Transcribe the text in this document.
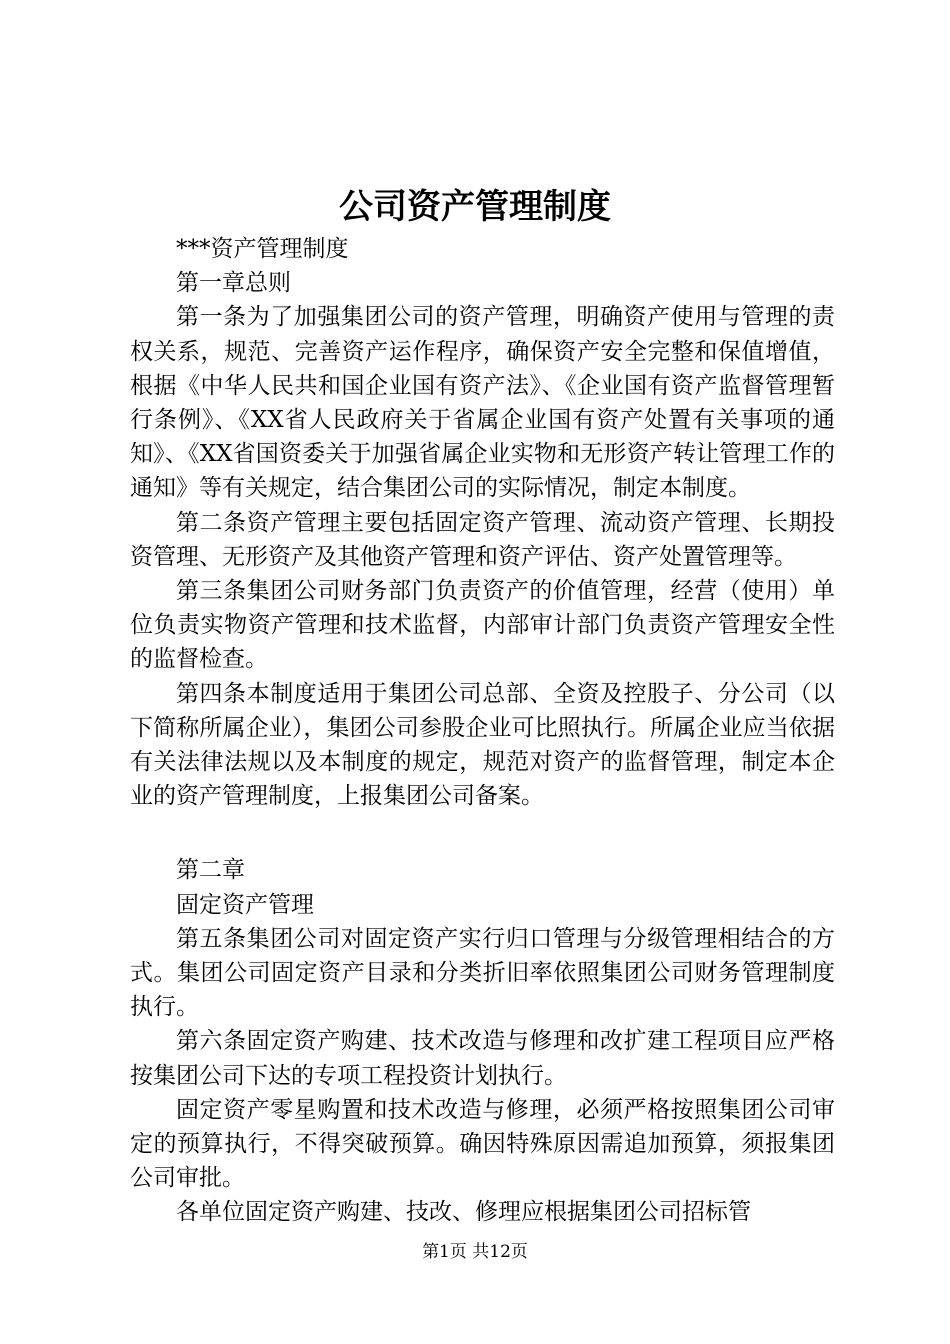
公司资产管理制度

***资产管理制度

第一章总则

第一条为了加强集团公司的资产管理，明确资产使用与管理的责权关系，规范、完善资产运作程序，确保资产安全完整和保值增值，根据《中华人民共和国企业国有资产法》、《企业国有资产监督管理暂行条例》、《XX省人民政府关于省属企业国有资产处置有关事项的通知》、《XX省国资委关于加强省属企业实物和无形资产转让管理工作的通知》等有关规定，结合集团公司的实际情况，制定本制度。

第二条资产管理主要包括固定资产管理、流动资产管理、长期投资管理、无形资产及其他资产管理和资产评估、资产处置管理等。

第三条集团公司财务部门负责资产的价值管理，经营（使用）单位负责实物资产管理和技术监督，内部审计部门负责资产管理安全性的监督检查。

第四条本制度适用于集团公司总部、全资及控股子、分公司（以下简称所属企业），集团公司参股企业可比照执行。所属企业应当依据有关法律法规以及本制度的规定，规范对资产的监督管理，制定本企业的资产管理制度，上报集团公司备案。

第二章

固定资产管理

第五条集团公司对固定资产实行归口管理与分级管理相结合的方式。集团公司固定资产目录和分类折旧率依照集团公司财务管理制度执行。

第六条固定资产购建、技术改造与修理和改扩建工程项目应严格按集团公司下达的专项工程投资计划执行。

固定资产零星购置和技术改造与修理，必须严格按照集团公司审定的预算执行，不得突破预算。确因特殊原因需追加预算，须报集团公司审批。

各单位固定资产购建、技改、修理应根据集团公司招标管

第1页 共12页
